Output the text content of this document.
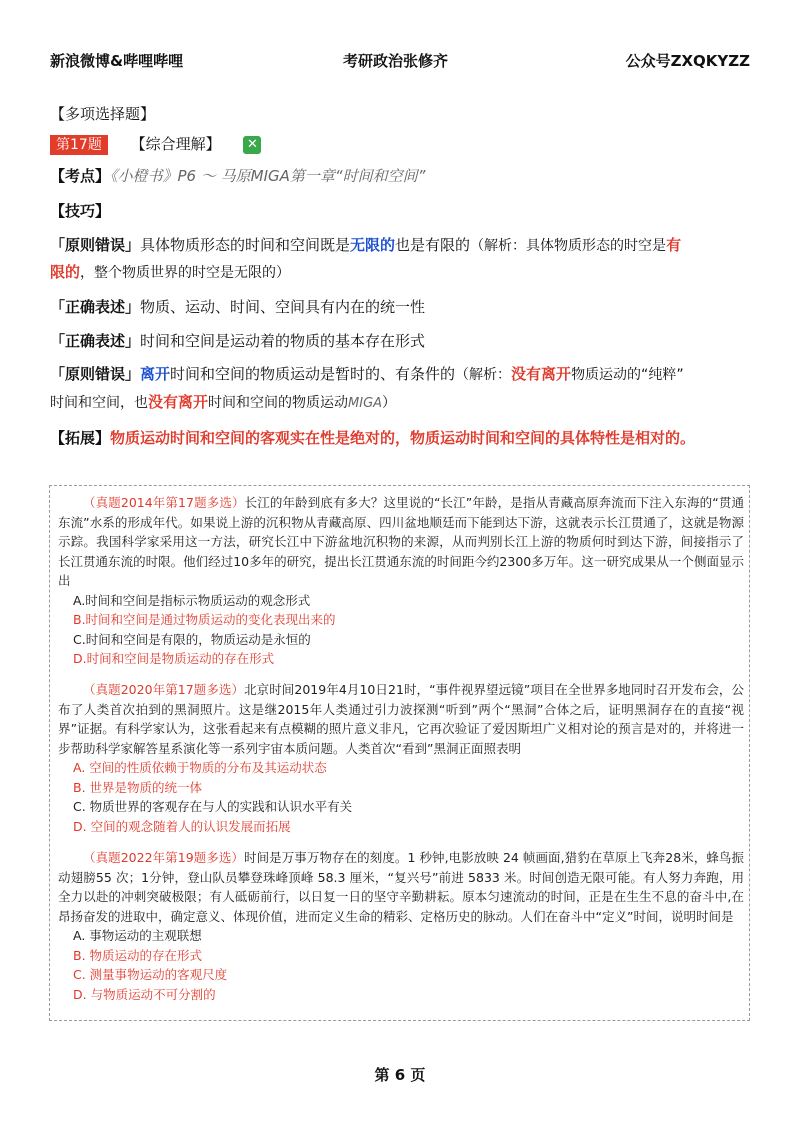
新浪微博&哔哩哔哩	考研政治张修齐	公众号ZXQKYZZ
【多项选择题】
第17题 【综合理解】 ✕
【考点】《小橙书》P6 ～ 马原MIGA第一章“时间和空间”
【技巧】
「原则错误」具体物质形态的时间和空间既是无限的也是有限的（解析：具体物质形态的时空是有
限的，整个物质世界的时空是无限的）
「正确表述」物质、运动、时间、空间具有内在的统一性
「正确表述」时间和空间是运动着的物质的基本存在形式
「原则错误」离开时间和空间的物质运动是暂时的、有条件的（解析：没有离开物质运动的“纯粹”
时间和空间，也没有离开时间和空间的物质运动MIGA）
【拓展】物质运动时间和空间的客观实在性是绝对的，物质运动时间和空间的具体特性是相对的。

（真题2014年第17题多选）长江的年龄到底有多大？这里说的“长江”年龄，是指从青藏高原奔流而下注入东海的“贯通东流”水系的形成年代。如果说上游的沉积物从青藏高原、四川盆地顺廷而下能到达下游，这就表示长江贯通了，这就是物源示踪。我国科学家采用这一方法，研究长江中下游盆地沉积物的来源，从而判别长江上游的物质何时到达下游，间接指示了长江贯通东流的时限。他们经过10多年的研究，提出长江贯通东流的时间距今约2300多万年。这一研究成果从一个侧面显示出

A.时间和空间是指标示物质运动的观念形式

B.时间和空间是通过物质运动的变化表现出来的

C.时间和空间是有限的，物质运动是永恒的

D.时间和空间是物质运动的存在形式

（真题2020年第17题多选）北京时间2019年4月10日21时，“事件视界望远镜”项目在全世界多地同时召开发布会，公布了人类首次拍到的黑洞照片。这是继2015年人类通过引力波探测“听到”两个“黑洞”合体之后，证明黑洞存在的直接“视界”证据。有科学家认为，这张看起来有点模糊的照片意义非凡，它再次验证了爱因斯坦广义相对论的预言是对的，并将进一步帮助科学家解答星系演化等一系列宇宙本质问题。人类首次“看到”黑洞正面照表明

A. 空间的性质依赖于物质的分布及其运动状态

B. 世界是物质的统一体

C. 物质世界的客观存在与人的实践和认识水平有关

D. 空间的观念随着人的认识发展而拓展

（真题2022年第19题多选）时间是万事万物存在的刻度。1 秒钟,电影放映 24 帧画面,猎豹在草原上飞奔28米，蜂鸟振动翅膀55 次；1分钟，登山队员攀登珠峰顶峰 58.3 厘米，“复兴号”前进 5833 米。时间创造无限可能。有人努力奔跑，用全力以赴的冲刺突破极限；有人砥砺前行，以日复一日的坚守辛勤耕耘。原本匀速流动的时间，正是在生生不息的奋斗中,在昂扬奋发的进取中，确定意义、体现价值，进而定义生命的精彩、定格历史的脉动。人们在奋斗中“定义”时间，说明时间是

A. 事物运动的主观联想

B. 物质运动的存在形式

C. 测量事物运动的客观尺度

D. 与物质运动不可分割的

第 6 页
